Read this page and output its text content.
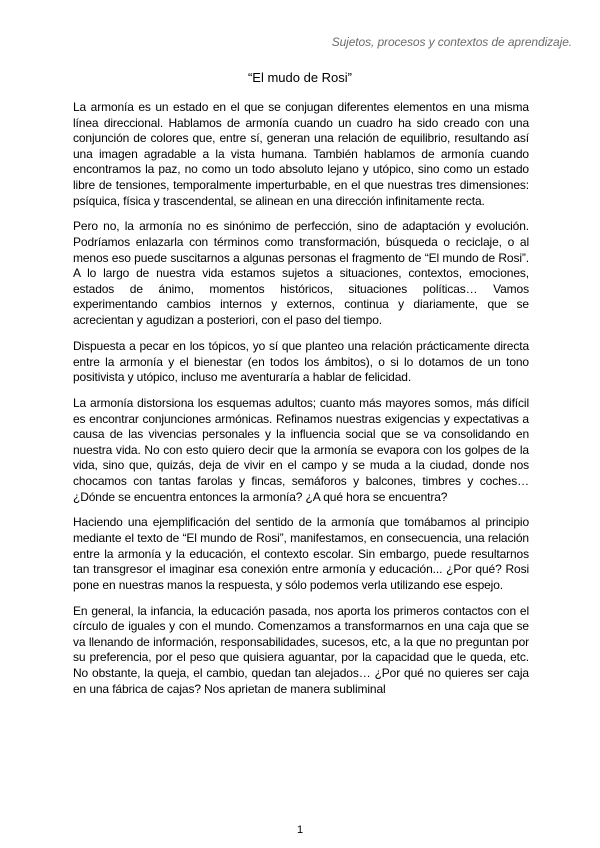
Sujetos, procesos y contextos de aprendizaje.
“El mudo de Rosi”

La armonía es un estado en el que se conjugan diferentes elementos en una misma línea direccional. Hablamos de armonía cuando un cuadro ha sido creado con una conjunción de colores que, entre sí, generan una relación de equilibrio, resultando así una imagen agradable a la vista humana. También hablamos de armonía cuando encontramos la paz, no como un todo absoluto lejano y utópico, sino como un estado libre de tensiones, temporalmente imperturbable, en el que nuestras tres dimensiones: psíquica, física y trascendental, se alinean en una dirección infinitamente recta.

Pero no, la armonía no es sinónimo de perfección, sino de adaptación y evolución. Podríamos enlazarla con términos como transformación, búsqueda o reciclaje, o al menos eso puede suscitarnos a algunas personas el fragmento de “El mundo de Rosi”. A lo largo de nuestra vida estamos sujetos a situaciones, contextos, emociones, estados de ánimo, momentos históricos, situaciones políticas… Vamos experimentando cambios internos y externos, continua y diariamente, que se acrecientan y agudizan a posteriori, con el paso del tiempo.

Dispuesta a pecar en los tópicos, yo sí que planteo una relación prácticamente directa entre la armonía y el bienestar (en todos los ámbitos), o si lo dotamos de un tono positivista y utópico, incluso me aventuraría a hablar de felicidad.

La armonía distorsiona los esquemas adultos; cuanto más mayores somos, más difícil es encontrar conjunciones armónicas. Refinamos nuestras exigencias y expectativas a causa de las vivencias personales y la influencia social que se va consolidando en nuestra vida. No con esto quiero decir que la armonía se evapora con los golpes de la vida, sino que, quizás, deja de vivir en el campo y se muda a la ciudad, donde nos chocamos con tantas farolas y fincas, semáforos y balcones, timbres y coches… ¿Dónde se encuentra entonces la armonía? ¿A qué hora se encuentra?

Haciendo una ejemplificación del sentido de la armonía que tomábamos al principio mediante el texto de “El mundo de Rosi”, manifestamos, en consecuencia, una relación entre la armonía y la educación, el contexto escolar. Sin embargo, puede resultarnos tan transgresor el imaginar esa conexión entre armonía y educación... ¿Por qué? Rosi pone en nuestras manos la respuesta, y sólo podemos verla utilizando ese espejo.

En general, la infancia, la educación pasada, nos aporta los primeros contactos con el círculo de iguales y con el mundo. Comenzamos a transformarnos en una caja que se va llenando de información, responsabilidades, sucesos, etc, a la que no preguntan por su preferencia, por el peso que quisiera aguantar, por la capacidad que le queda, etc. No obstante, la queja, el cambio, quedan tan alejados… ¿Por qué no quieres ser caja en una fábrica de cajas? Nos aprietan de manera subliminal

1
